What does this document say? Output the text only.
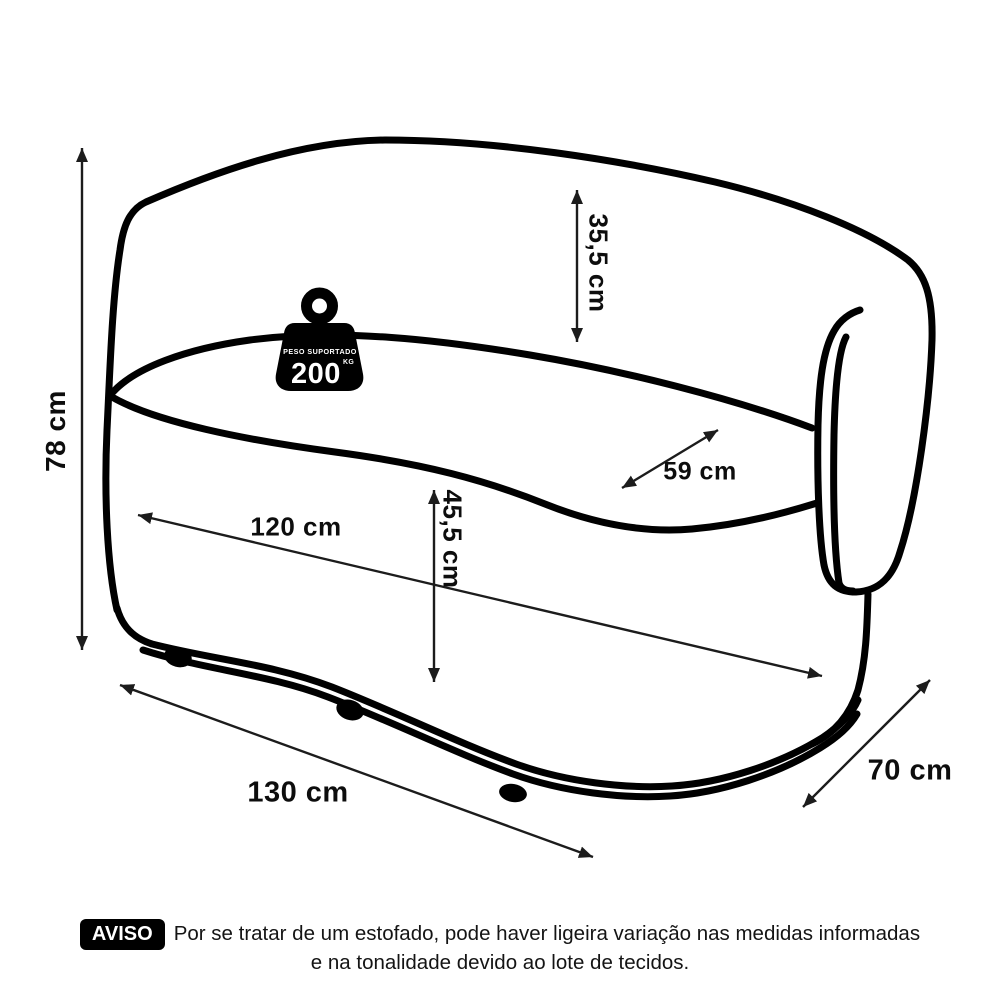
PESO SUPORTADO
200 KG
78 cm
35,5 cm
59 cm
120 cm	45,5 cm
130 cm
70 cm
AVISO	Por se tratar de um estofado, pode haver ligeira variação nas medidas informadas
e na tonalidade devido ao lote de tecidos.
